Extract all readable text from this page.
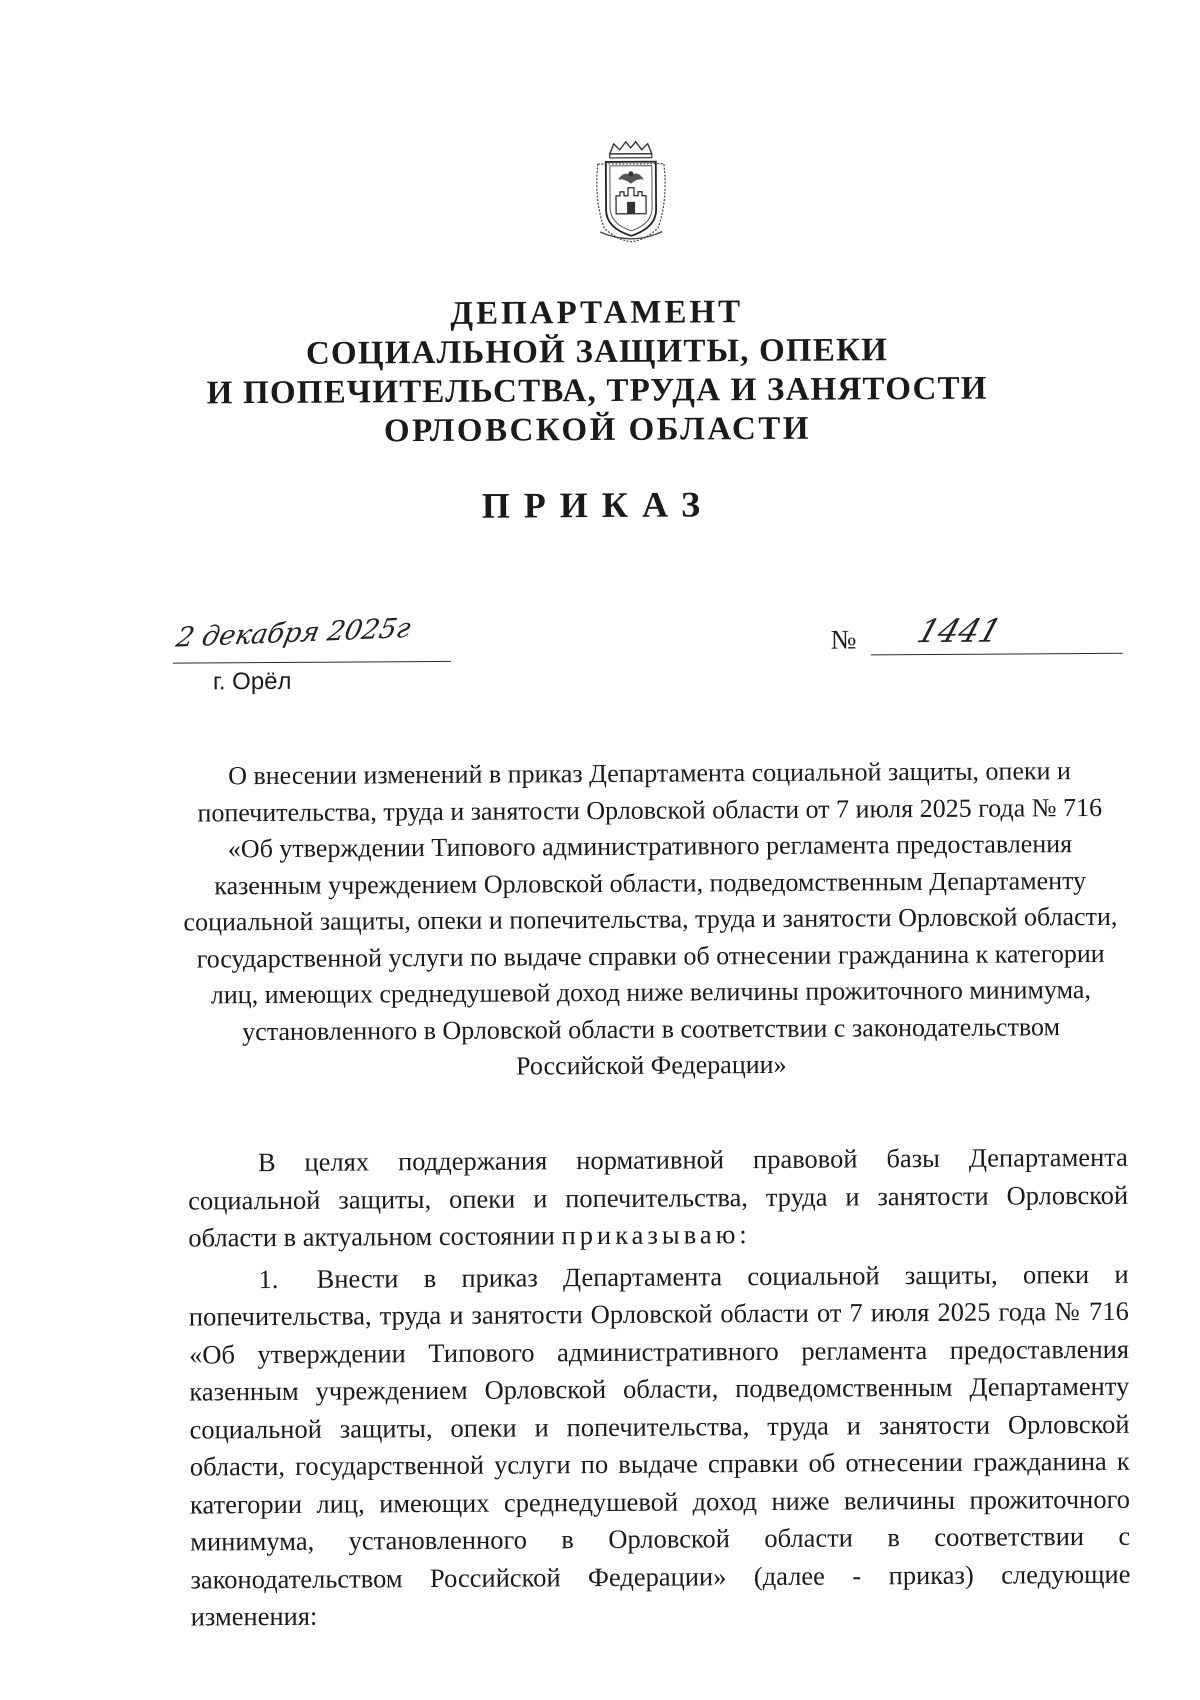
ДЕПАРТАМЕНТ
СОЦИАЛЬНОЙ ЗАЩИТЫ, ОПЕКИ
И ПОПЕЧИТЕЛЬСТВА, ТРУДА И ЗАНЯТОСТИ
ОРЛОВСКОЙ ОБЛАСТИ
ПРИКАЗ
2 декабря 2025г
г. Орёл
№ 1441
О внесении изменений в приказ Департамента социальной защиты, опеки и попечительства, труда и занятости Орловской области от 7 июля 2025 года № 716 «Об утверждении Типового административного регламента предоставления казенным учреждением Орловской области, подведомственным Департаменту социальной защиты, опеки и попечительства, труда и занятости Орловской области, государственной услуги по выдаче справки об отнесении гражданина к категории лиц, имеющих среднедушевой доход ниже величины прожиточного минимума, установленного в Орловской области в соответствии с законодательством Российской Федерации»

В целях поддержания нормативной правовой базы Департамента социальной защиты, опеки и попечительства, труда и занятости Орловской области в актуальном состоянии приказываю:

1. Внести в приказ Департамента социальной защиты, опеки и попечительства, труда и занятости Орловской области от 7 июля 2025 года № 716 «Об утверждении Типового административного регламента предоставления казенным учреждением Орловской области, подведомственным Департаменту социальной защиты, опеки и попечительства, труда и занятости Орловской области, государственной услуги по выдаче справки об отнесении гражданина к категории лиц, имеющих среднедушевой доход ниже величины прожиточного минимума, установленного в Орловской области в соответствии с законодательством Российской Федерации» (далее - приказ) следующие изменения:
